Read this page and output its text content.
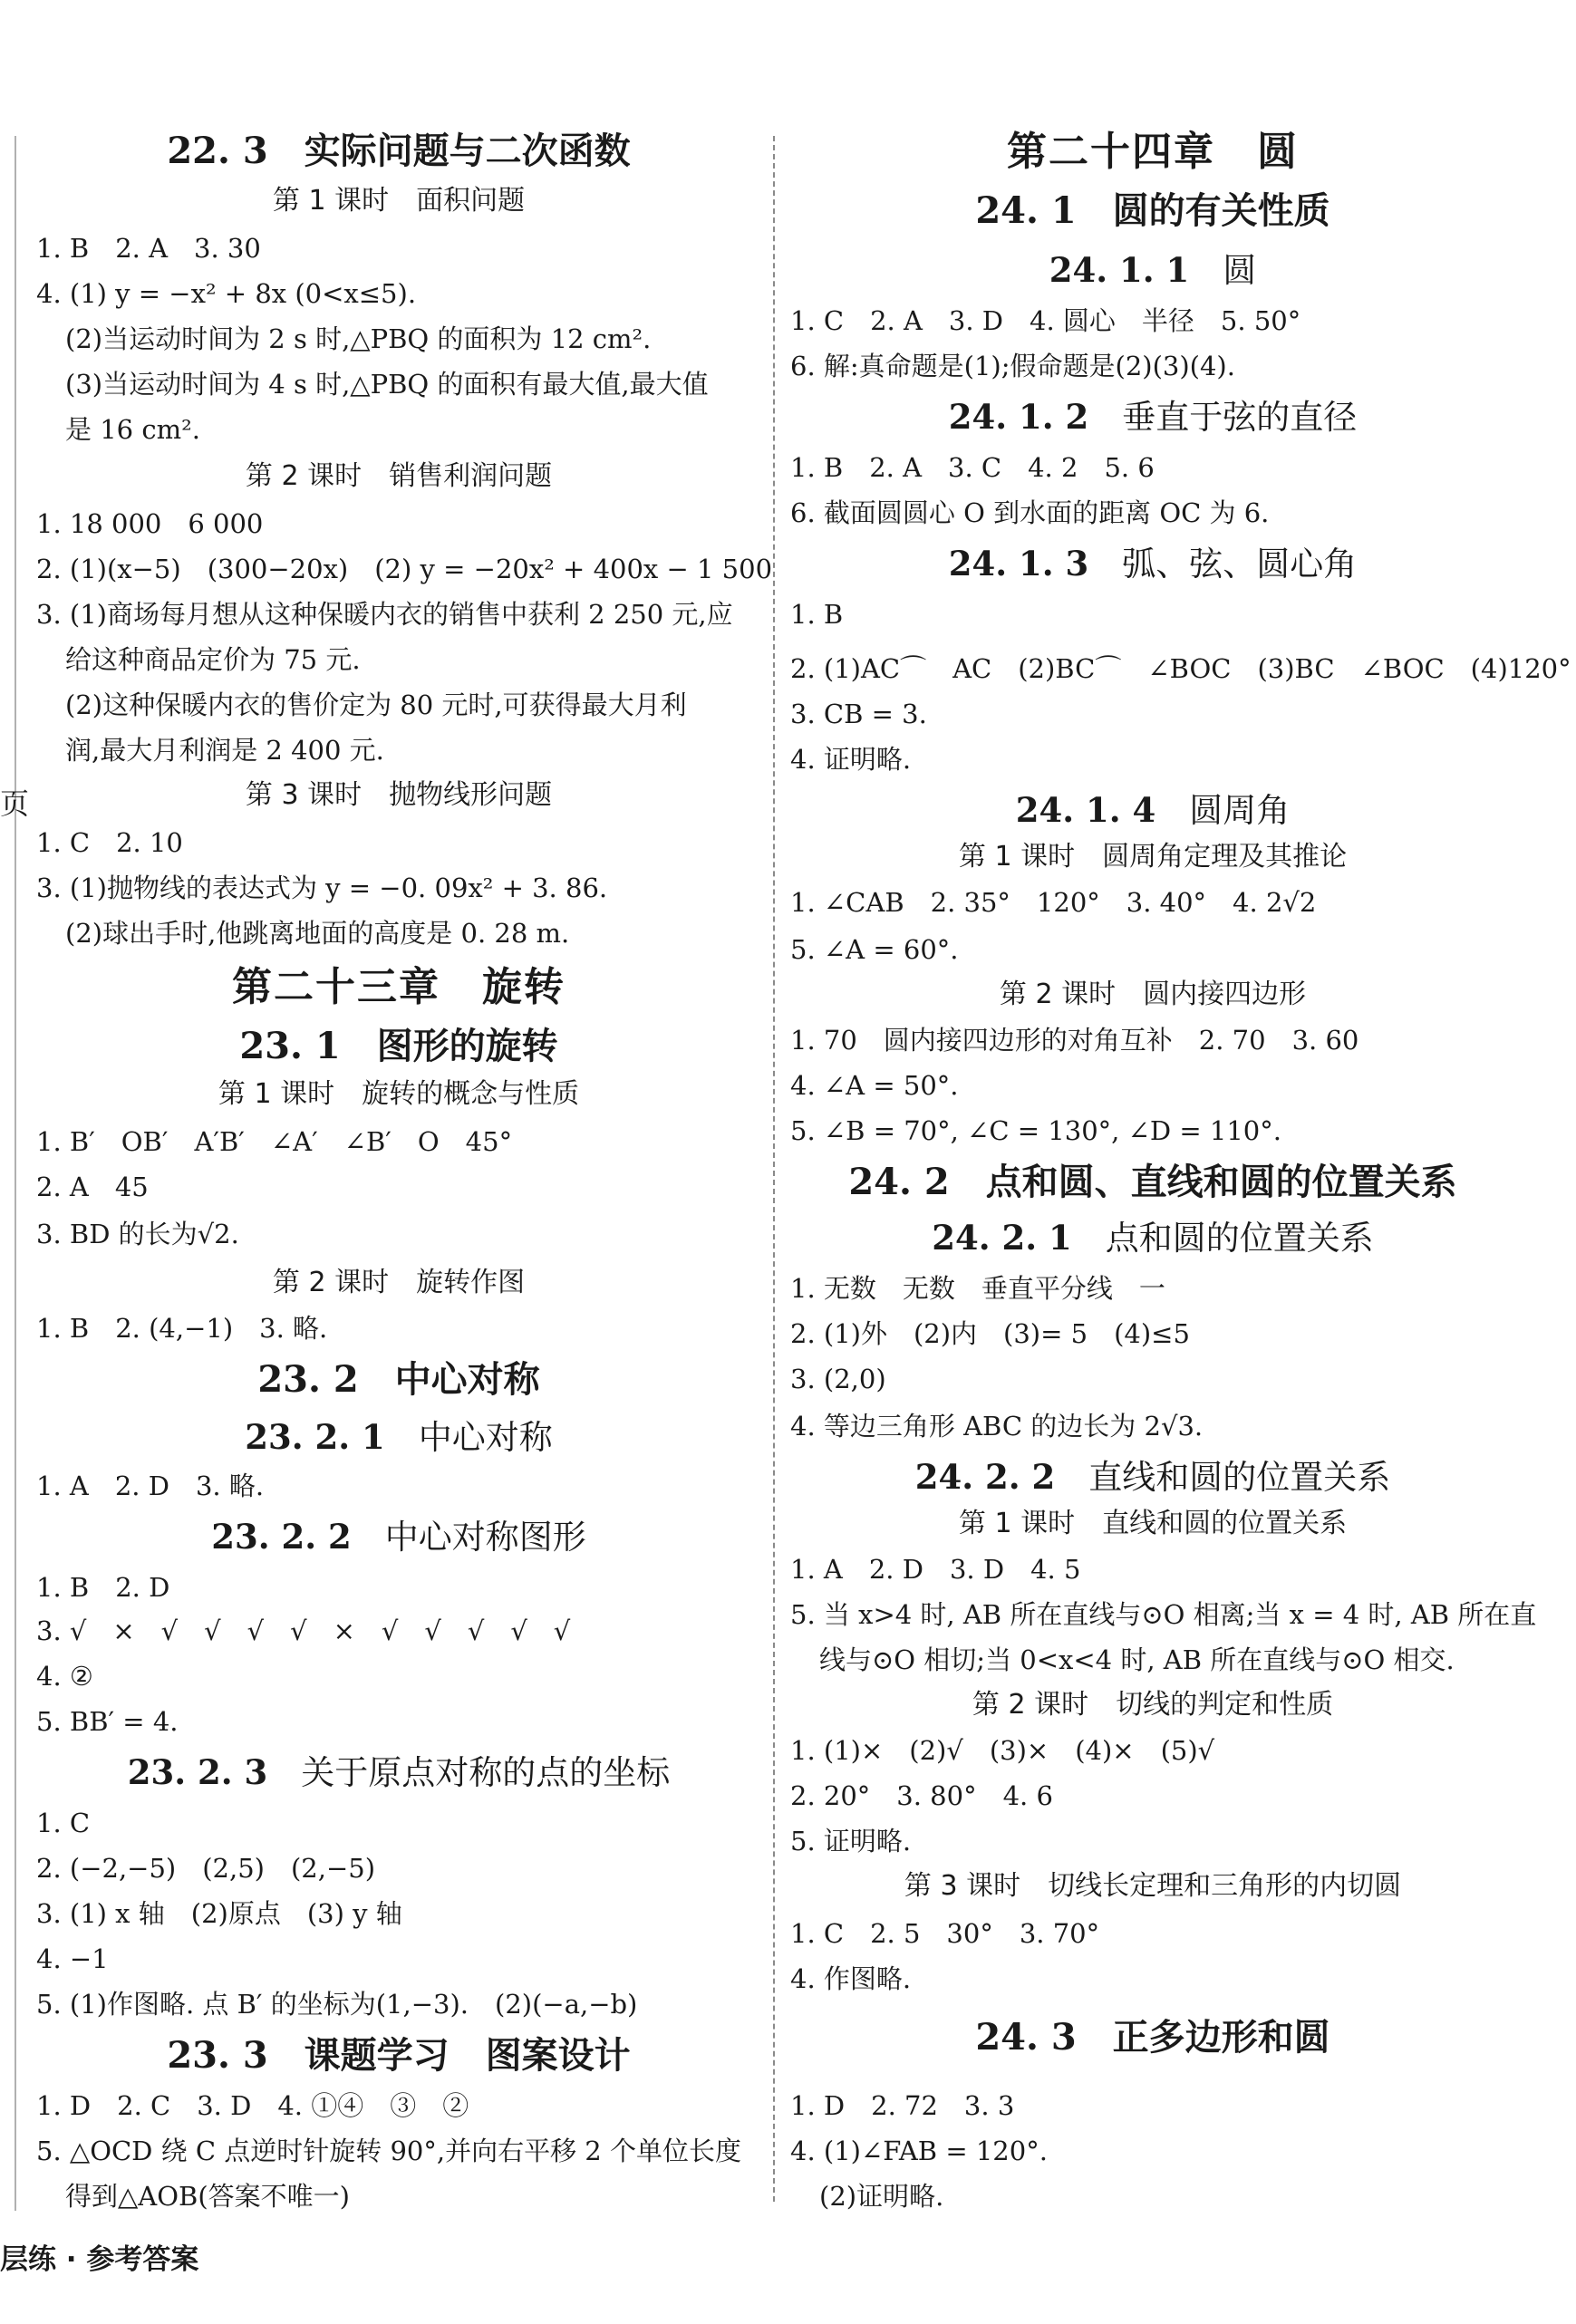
页
22. 3　 实际问题与二次函数
第 1 课时　面积问题
1. B　2. A　3. 30
4. (1) y = −x² + 8x (0<x≤5).
(2)当运动时间为 2 s 时,△PBQ 的面积为 12 cm².
(3)当运动时间为 4 s 时,△PBQ 的面积有最大值,最大值
是 16 cm².
第 2 课时　销售利润问题
1. 18 000　6 000
2. (1)(x−5)　(300−20x)　(2) y = −20x² + 400x − 1 500
3. (1)商场每月想从这种保暖内衣的销售中获利 2 250 元,应
给这种商品定价为 75 元.
(2)这种保暖内衣的售价定为 80 元时,可获得最大月利
润,最大月利润是 2 400 元.
第 3 课时　抛物线形问题
1. C　2. 10
3. (1)抛物线的表达式为 y = −0. 09x² + 3. 86.
(2)球出手时,他跳离地面的高度是 0. 28 m.
第二十三章　旋转
23. 1　 图形的旋转
第 1 课时　旋转的概念与性质
1. B′　OB′　A′B′　∠A′　∠B′　O　45°
2. A　45
3. BD 的长为√2.
第 2 课时　旋转作图
1. B　2. (4,−1)　3. 略.
23. 2　 中心对称
23. 2. 1　 中心对称
1. A　2. D　3. 略.
23. 2. 2　 中心对称图形
1. B　2. D
3. √　×　√　√　√　√　×　√　√　√　√　√
4. ②
5. BB′ = 4.
23. 2. 3　 关于原点对称的点的坐标
1. C
2. (−2,−5)　(2,5)　(2,−5)
3. (1) x 轴　(2)原点　(3) y 轴
4. −1
5. (1)作图略. 点 B′ 的坐标为(1,−3).　(2)(−a,−b)
23. 3　 课题学习　图案设计
1. D　2. C　3. D　4. ①④　③　②
5. △OCD 绕 C 点逆时针旋转 90°,并向右平移 2 个单位长度
得到△AOB(答案不唯一)
第二十四章　圆
24. 1　 圆的有关性质
24. 1. 1　 圆
1. C　2. A　3. D　4. 圆心　半径　5. 50°
6. 解:真命题是(1);假命题是(2)(3)(4).
24. 1. 2　 垂直于弦的直径
1. B　2. A　3. C　4. 2　5. 6
6. 截面圆圆心 O 到水面的距离 OC 为 6.
24. 1. 3　 弧、弦、圆心角
1. B
2. (1)AC⌒　AC　(2)BC⌒　∠BOC　(3)BC　∠BOC　(4)120°
3. CB = 3.
4. 证明略.
24. 1. 4　 圆周角
第 1 课时　圆周角定理及其推论
1. ∠CAB　2. 35°　120°　3. 40°　4. 2√2
5. ∠A = 60°.
第 2 课时　圆内接四边形
1. 70　圆内接四边形的对角互补　2. 70　3. 60
4. ∠A = 50°.
5. ∠B = 70°, ∠C = 130°, ∠D = 110°.
24. 2　 点和圆、直线和圆的位置关系
24. 2. 1　 点和圆的位置关系
1. 无数　无数　垂直平分线　一
2. (1)外　(2)内　(3)= 5　(4)≤5
3. (2,0)
4. 等边三角形 ABC 的边长为 2√3.
24. 2. 2　 直线和圆的位置关系
第 1 课时　直线和圆的位置关系
1. A　2. D　3. D　4. 5
5. 当 x>4 时, AB 所在直线与⊙O 相离;当 x = 4 时, AB 所在直
线与⊙O 相切;当 0<x<4 时, AB 所在直线与⊙O 相交.
第 2 课时　切线的判定和性质
1. (1)×　(2)√　(3)×　(4)×　(5)√
2. 20°　3. 80°　4. 6
5. 证明略.
第 3 课时　切线长定理和三角形的内切圆
1. C　2. 5　30°　3. 70°
4. 作图略.
24. 3　 正多边形和圆
1. D　2. 72　3. 3
4. (1)∠FAB = 120°.
(2)证明略.
层练 · 参考答案
